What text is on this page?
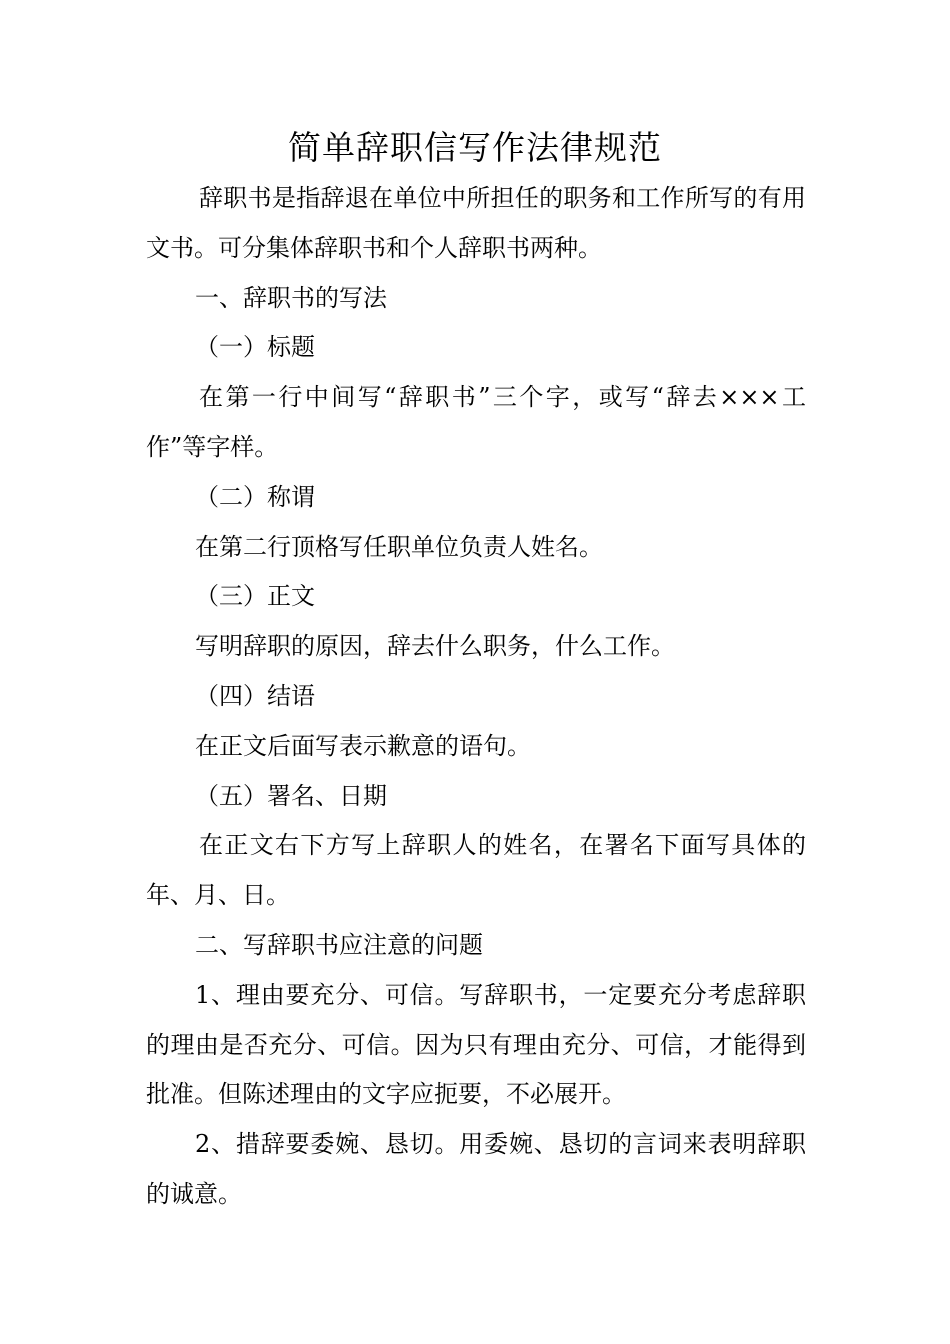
简单辞职信写作法律规范

辞职书是指辞退在单位中所担任的职务和工作所写的有用文书。可分集体辞职书和个人辞职书两种。

一、辞职书的写法

（一）标题

在第一行中间写“辞职书”三个字，或写“辞去×××工作”等字样。

（二）称谓

在第二行顶格写任职单位负责人姓名。

（三）正文

写明辞职的原因，辞去什么职务，什么工作。

（四）结语

在正文后面写表示歉意的语句。

（五）署名、日期

在正文右下方写上辞职人的姓名，在署名下面写具体的年、月、日。

二、写辞职书应注意的问题

1、理由要充分、可信。写辞职书，一定要充分考虑辞职的理由是否充分、可信。因为只有理由充分、可信，才能得到批准。但陈述理由的文字应扼要，不必展开。

2、措辞要委婉、恳切。用委婉、恳切的言词来表明辞职的诚意。
